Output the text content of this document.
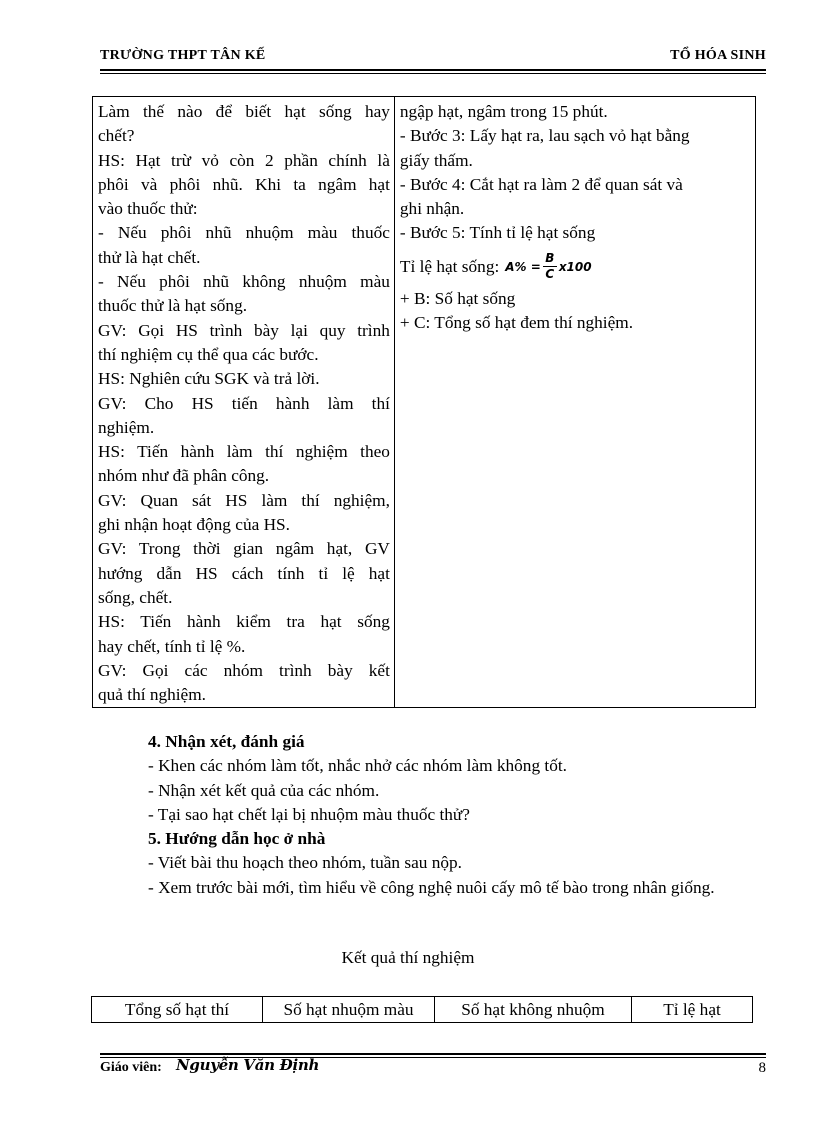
TRƯỜNG THPT TÂN KẾ	TỔ HÓA SINH
Làm thế nào để biết hạt sống hay
chết?
HS: Hạt trừ vỏ còn 2 phần chính là
phôi và phôi nhũ. Khi ta ngâm hạt
vào thuốc thử:
- Nếu phôi nhũ nhuộm màu thuốc
thử là hạt chết.
- Nếu phôi nhũ không nhuộm màu
thuốc thử là hạt sống.
GV: Gọi HS trình bày lại quy trình
thí nghiệm cụ thể qua các bước.
HS: Nghiên cứu SGK và trả lời.
GV: Cho HS tiến hành làm thí
nghiệm.
HS: Tiến hành làm thí nghiệm theo
nhóm như đã phân công.
GV: Quan sát HS làm thí nghiệm,
ghi nhận hoạt động của HS.
GV: Trong thời gian ngâm hạt, GV
hướng dẫn HS cách tính tỉ lệ hạt
sống, chết.
HS: Tiến hành kiểm tra hạt sống
hay chết, tính tỉ lệ %.
GV: Gọi các nhóm trình bày kết
quả thí nghiệm.

ngập hạt, ngâm trong 15 phút.
- Bước 3: Lấy hạt ra, lau sạch vỏ hạt bằng
giấy thấm.
- Bước 4: Cắt hạt ra làm 2 để quan sát và
ghi nhận.
- Bước 5: Tính tỉ lệ hạt sống
Tỉ lệ hạt sống: $A\% = \frac{B}{C} x100$
+ B: Số hạt sống
+ C: Tổng số hạt đem thí nghiệm.
4. Nhận xét, đánh giá
- Khen các nhóm làm tốt, nhắc nhở các nhóm làm không tốt.
- Nhận xét kết quả của các nhóm.
- Tại sao hạt chết lại bị nhuộm màu thuốc thử?
5. Hướng dẫn học ở nhà
- Viết bài thu hoạch theo nhóm, tuần sau nộp.
- Xem trước bài mới, tìm hiểu về công nghệ nuôi cấy mô tế bào trong nhân giống.
Kết quả thí nghiệm
Tổng số hạt thí	Số hạt nhuộm màu	Số hạt không nhuộm	Tỉ lệ hạt
Giáo viên: Nguyễn Văn Định	8
